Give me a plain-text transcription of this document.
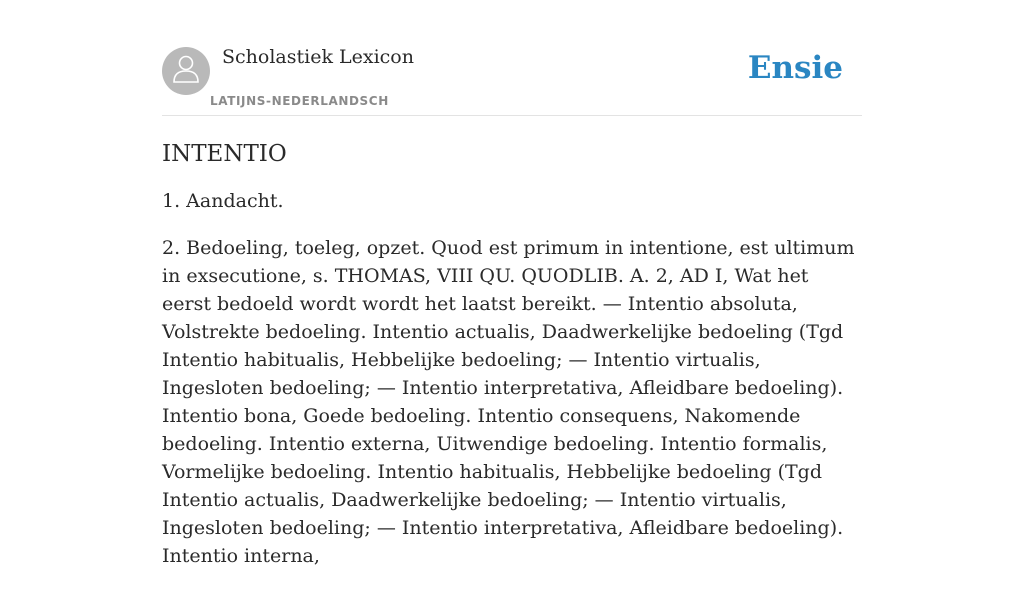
Scholastiek Lexicon
LATIJNS-NEDERLANDSCH
Ensie
INTENTIO

1. Aandacht.

2. Bedoeling, toeleg, opzet. Quod est primum in intentione, est ultimum in exsecutione, s. THOMAS, VIII QU. QUODLIB. A. 2, AD I, Wat het eerst bedoeld wordt wordt het laatst bereikt. — Intentio absoluta, Volstrekte bedoeling. Intentio actualis, Daadwerkelijke bedoeling (Tgd Intentio habitualis, Hebbelijke bedoeling; — Intentio virtualis, Ingesloten bedoeling; — Intentio interpretativa, Afleidbare bedoeling). Intentio bona, Goede bedoeling. Intentio consequens, Nakomende bedoeling. Intentio externa, Uitwendige bedoeling. Intentio formalis, Vormelijke bedoeling. Intentio habitualis, Hebbelijke bedoeling (Tgd Intentio actualis, Daadwerkelijke bedoeling; — Intentio virtualis, Ingesloten bedoeling; — Intentio interpretativa, Afleidbare bedoeling). Intentio interna,
